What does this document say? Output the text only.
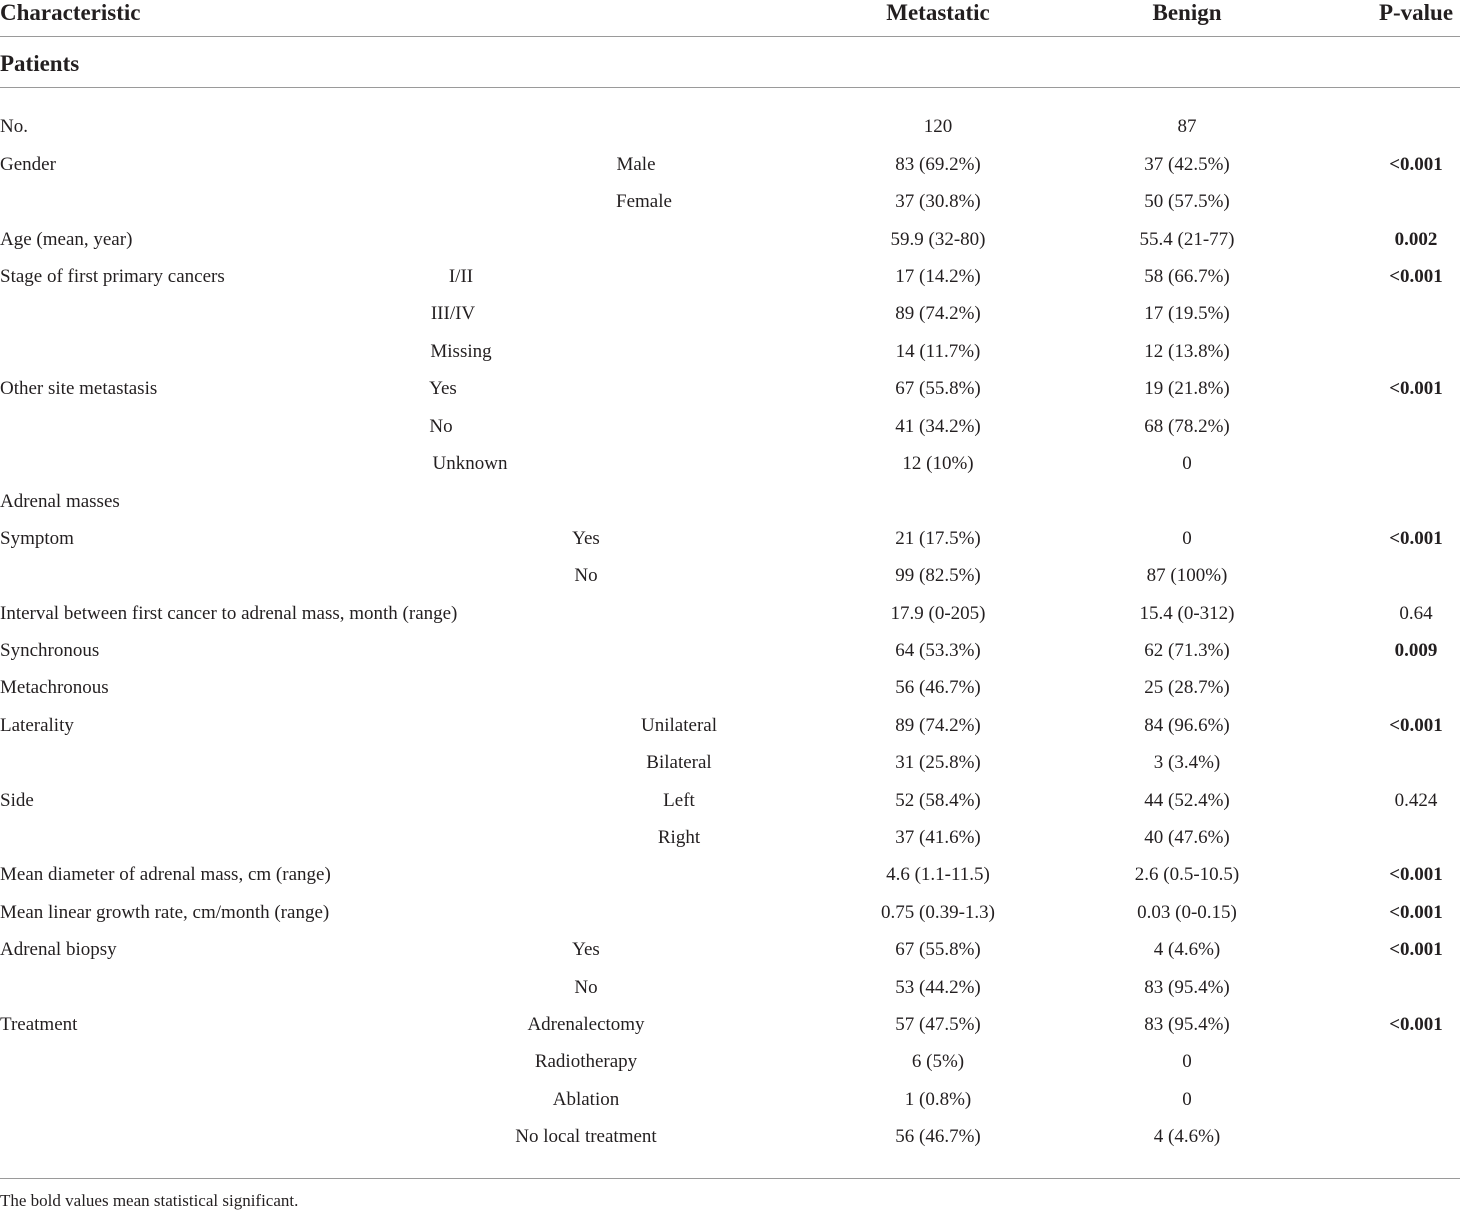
Characteristic	Metastatic	Benign	P-value
Patients
No.	120	87
Gender	Male	83 (69.2%)	37 (42.5%)	<0.001
Female	37 (30.8%)	50 (57.5%)
Age (mean, year)	59.9 (32-80)	55.4 (21-77)	0.002
Stage of first primary cancers	I/II	17 (14.2%)	58 (66.7%)	<0.001
III/IV	89 (74.2%)	17 (19.5%)
Missing	14 (11.7%)	12 (13.8%)
Other site metastasis	Yes	67 (55.8%)	19 (21.8%)	<0.001
No	41 (34.2%)	68 (78.2%)
Unknown	12 (10%)	0
Adrenal masses
Symptom	Yes	21 (17.5%)	0	<0.001
No	99 (82.5%)	87 (100%)
Interval between first cancer to adrenal mass, month (range)	17.9 (0-205)	15.4 (0-312)	0.64
Synchronous	64 (53.3%)	62 (71.3%)	0.009
Metachronous	56 (46.7%)	25 (28.7%)
Laterality	Unilateral	89 (74.2%)	84 (96.6%)	<0.001
Bilateral	31 (25.8%)	3 (3.4%)
Side	Left	52 (58.4%)	44 (52.4%)	0.424
Right	37 (41.6%)	40 (47.6%)
Mean diameter of adrenal mass, cm (range)	4.6 (1.1-11.5)	2.6 (0.5-10.5)	<0.001
Mean linear growth rate, cm/month (range)	0.75 (0.39-1.3)	0.03 (0-0.15)	<0.001
Adrenal biopsy	Yes	67 (55.8%)	4 (4.6%)	<0.001
No	53 (44.2%)	83 (95.4%)
Treatment	Adrenalectomy	57 (47.5%)	83 (95.4%)	<0.001
Radiotherapy	6 (5%)	0
Ablation	1 (0.8%)	0
No local treatment	56 (46.7%)	4 (4.6%)
The bold values mean statistical significant.
